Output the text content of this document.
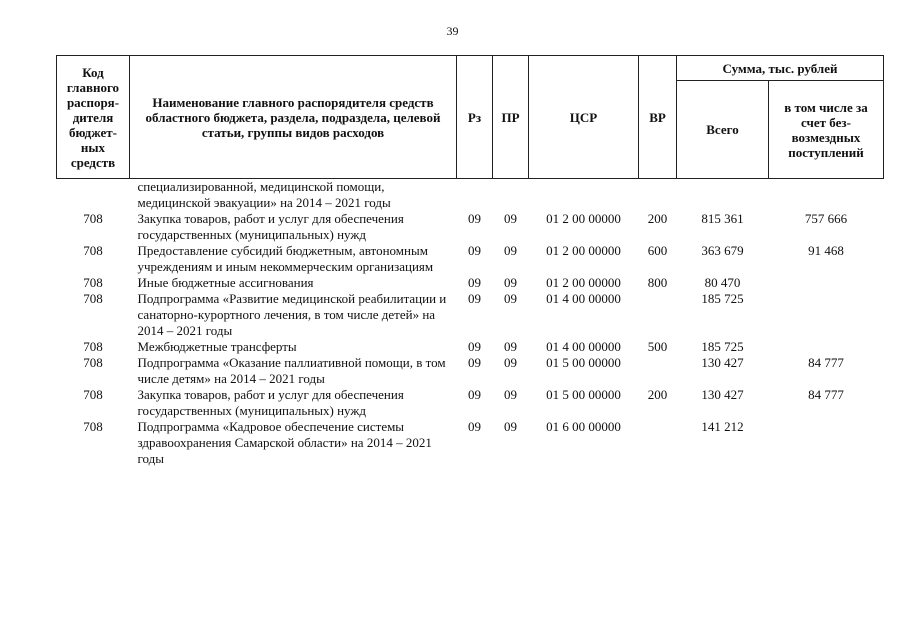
39
Код главного распоря-дителя бюджет-ных средств	Наименование главного распорядителя средств областного бюджета, раздела, подраздела, целевой статьи, группы видов расходов	Рз	ПР	ЦСР	ВР	Сумма, тыс. рублей	
						Всего	в том числе за счет без-возмездных поступлений
	специализированной, медицинской помощи, медицинской эвакуации» на 2014 – 2021 годы						
708	Закупка товаров, работ и услуг для обеспечения государственных (муниципальных) нужд	09	09	01 2 00 00000	200	815 361	757 666
708	Предоставление субсидий бюджетным, автономным учреждениям и иным некоммерческим организациям	09	09	01 2 00 00000	600	363 679	91 468
708	Иные бюджетные ассигнования	09	09	01 2 00 00000	800	80 470	
708	Подпрограмма «Развитие медицинской реабилитации и санаторно-курортного лечения, в том числе детей» на 2014 – 2021 годы	09	09	01 4 00 00000		185 725	
708	Межбюджетные трансферты	09	09	01 4 00 00000	500	185 725	
708	Подпрограмма «Оказание паллиативной помощи, в том числе детям» на 2014 – 2021 годы	09	09	01 5 00 00000		130 427	84 777
708	Закупка товаров, работ и услуг для обеспечения государственных (муниципальных) нужд	09	09	01 5 00 00000	200	130 427	84 777
708	Подпрограмма «Кадровое обеспечение системы здравоохранения Самарской области» на 2014 – 2021 годы	09	09	01 6 00 00000		141 212	
